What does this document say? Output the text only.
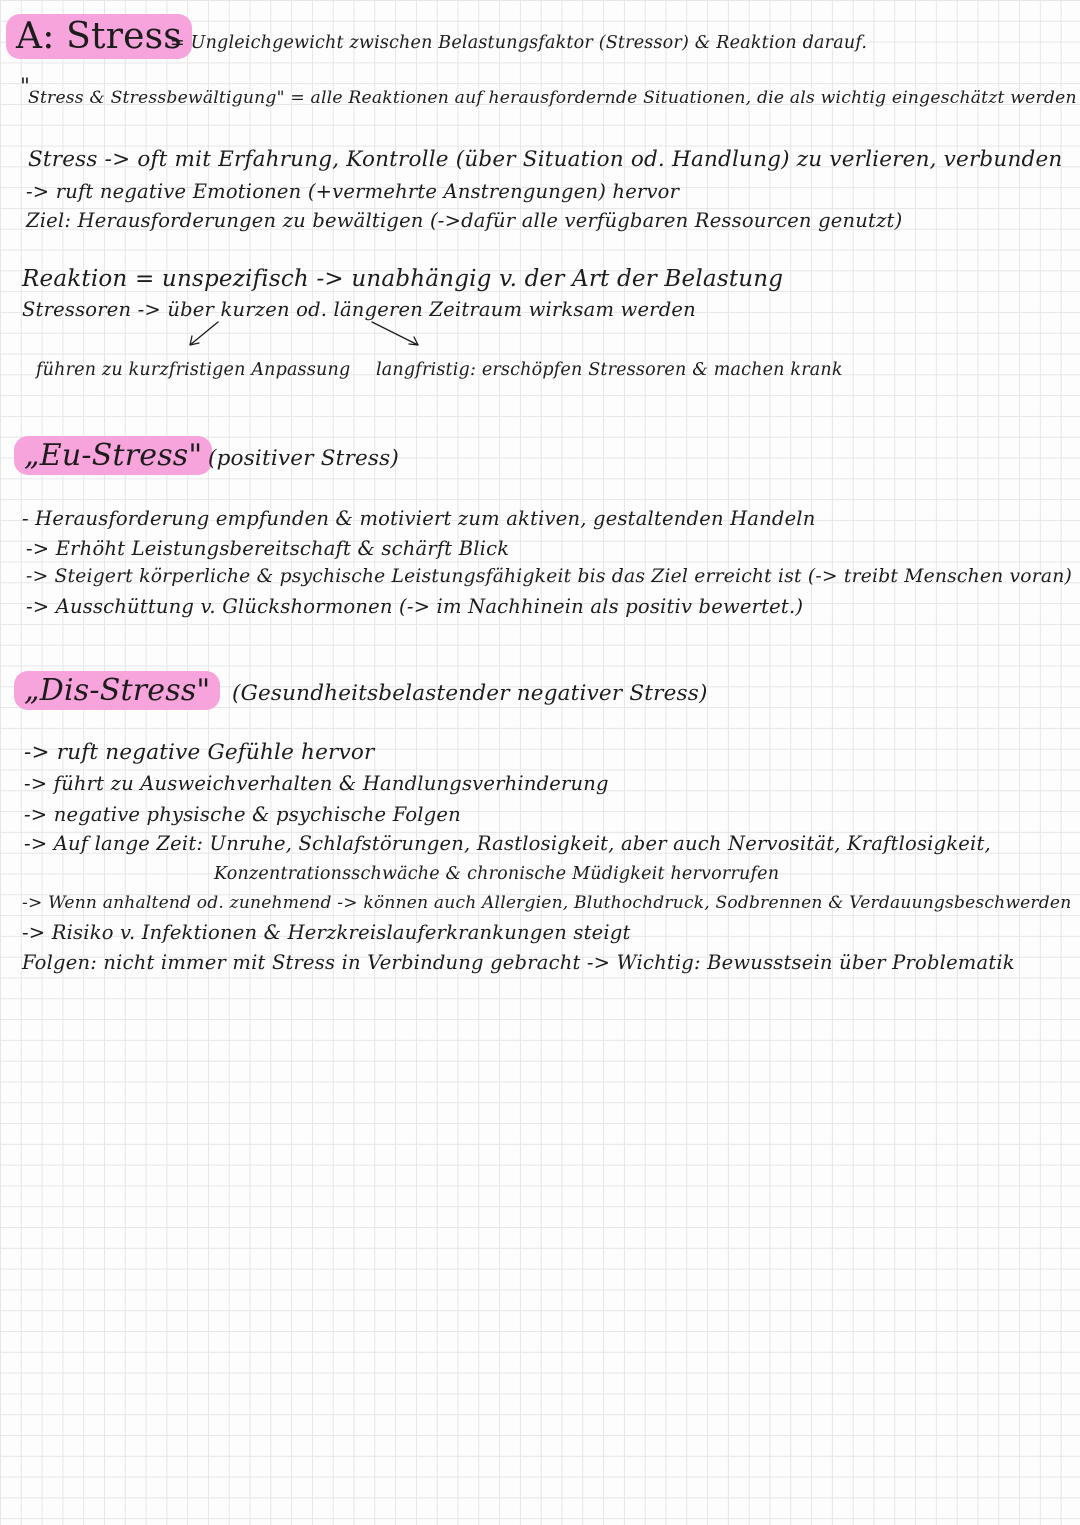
A: Stress
= Ungleichgewicht zwischen Belastungsfaktor (Stressor) & Reaktion darauf.
"
Stress & Stressbewältigung" = alle Reaktionen auf herausfordernde Situationen, die als wichtig eingeschätzt werden
Stress -> oft mit Erfahrung, Kontrolle (über Situation od. Handlung) zu verlieren, verbunden
-> ruft negative Emotionen (+vermehrte Anstrengungen) hervor
Ziel: Herausforderungen zu bewältigen (->dafür alle verfügbaren Ressourcen genutzt)
Reaktion = unspezifisch -> unabhängig v. der Art der Belastung
Stressoren -> über kurzen od. längeren Zeitraum wirksam werden
führen zu kurzfristigen Anpassung langfristig: erschöpfen Stressoren & machen krank
„Eu-Stress" (positiver Stress)
- Herausforderung empfunden & motiviert zum aktiven, gestaltenden Handeln
-> Erhöht Leistungsbereitschaft & schärft Blick
-> Steigert körperliche & psychische Leistungsfähigkeit bis das Ziel erreicht ist (-> treibt Menschen voran)
-> Ausschüttung v. Glückshormonen (-> im Nachhinein als positiv bewertet.)
„Dis-Stress"	(Gesundheitsbelastender negativer Stress)
-> ruft negative Gefühle hervor
-> führt zu Ausweichverhalten & Handlungsverhinderung
-> negative physische & psychische Folgen
-> Auf lange Zeit: Unruhe, Schlafstörungen, Rastlosigkeit, aber auch Nervosität, Kraftlosigkeit,
Konzentrationsschwäche & chronische Müdigkeit hervorrufen
-> Wenn anhaltend od. zunehmend -> können auch Allergien, Bluthochdruck, Sodbrennen & Verdauungsbeschwerden
-> Risiko v. Infektionen & Herzkreislauferkrankungen steigt
Folgen: nicht immer mit Stress in Verbindung gebracht -> Wichtig: Bewusstsein über Problematik
